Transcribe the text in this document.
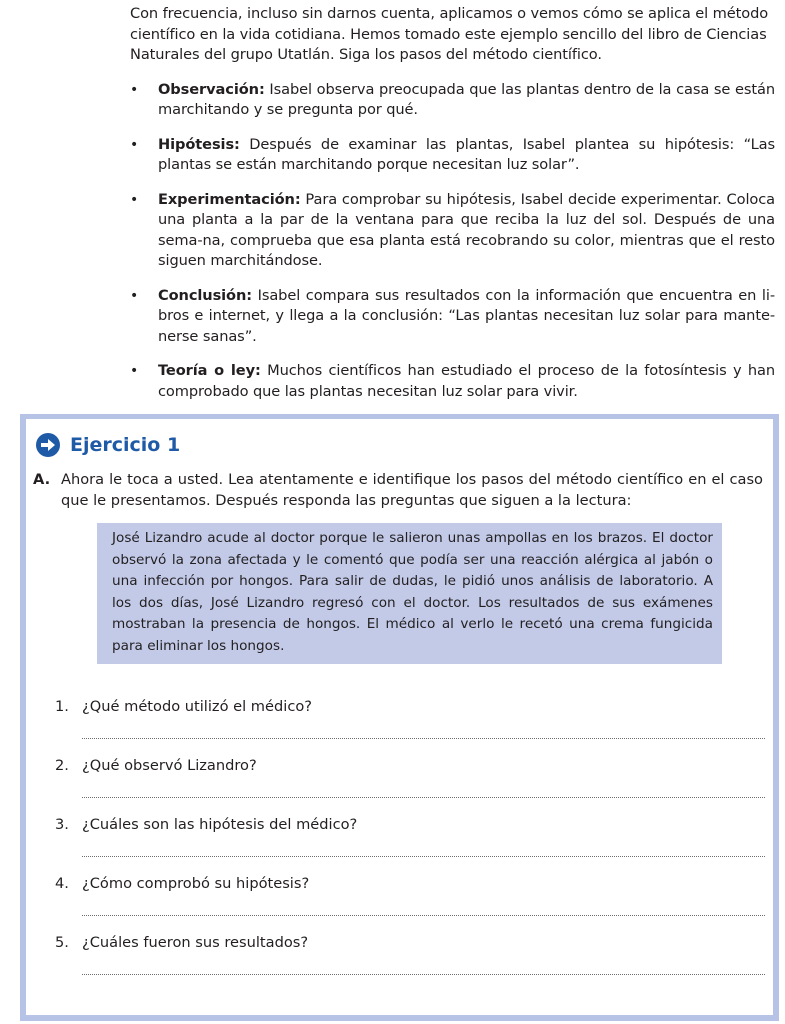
Con frecuencia, incluso sin darnos cuenta, aplicamos o vemos cómo se aplica el método científico en la vida cotidiana. Hemos tomado este ejemplo sencillo del libro de Ciencias Naturales del grupo Utatlán. Siga los pasos del método científico.

• Observación: Isabel observa preocupada que las plantas dentro de la casa se están marchitando y se pregunta por qué.
• Hipótesis: Después de examinar las plantas, Isabel plantea su hipótesis: “Las plantas se están marchitando porque necesitan luz solar”.
• Experimentación: Para comprobar su hipótesis, Isabel decide experimentar. Coloca una planta a la par de la ventana para que reciba la luz del sol. Después de una sema-na, comprueba que esa planta está recobrando su color, mientras que el resto siguen marchitándose.
• Conclusión: Isabel compara sus resultados con la información que encuentra en li-bros e internet, y llega a la conclusión: “Las plantas necesitan luz solar para mante-nerse sanas”.
• Teoría o ley: Muchos científicos han estudiado el proceso de la fotosíntesis y han comprobado que las plantas necesitan luz solar para vivir.
Ejercicio 1
A. Ahora le toca a usted. Lea atentamente e identifique los pasos del método científico en el caso que le presentamos. Después responda las preguntas que siguen a la lectura:
José Lizandro acude al doctor porque le salieron unas ampollas en los brazos. El doctor observó la zona afectada y le comentó que podía ser una reacción alérgica al jabón o una infección por hongos. Para salir de dudas, le pidió unos análisis de laboratorio. A los dos días, José Lizandro regresó con el doctor. Los resultados de sus exámenes mostraban la presencia de hongos. El médico al verlo le recetó una crema fungicida para eliminar los hongos.
1. ¿Qué método utilizó el médico?
2. ¿Qué observó Lizandro?
3. ¿Cuáles son las hipótesis del médico?
4. ¿Cómo comprobó su hipótesis?
5. ¿Cuáles fueron sus resultados?
